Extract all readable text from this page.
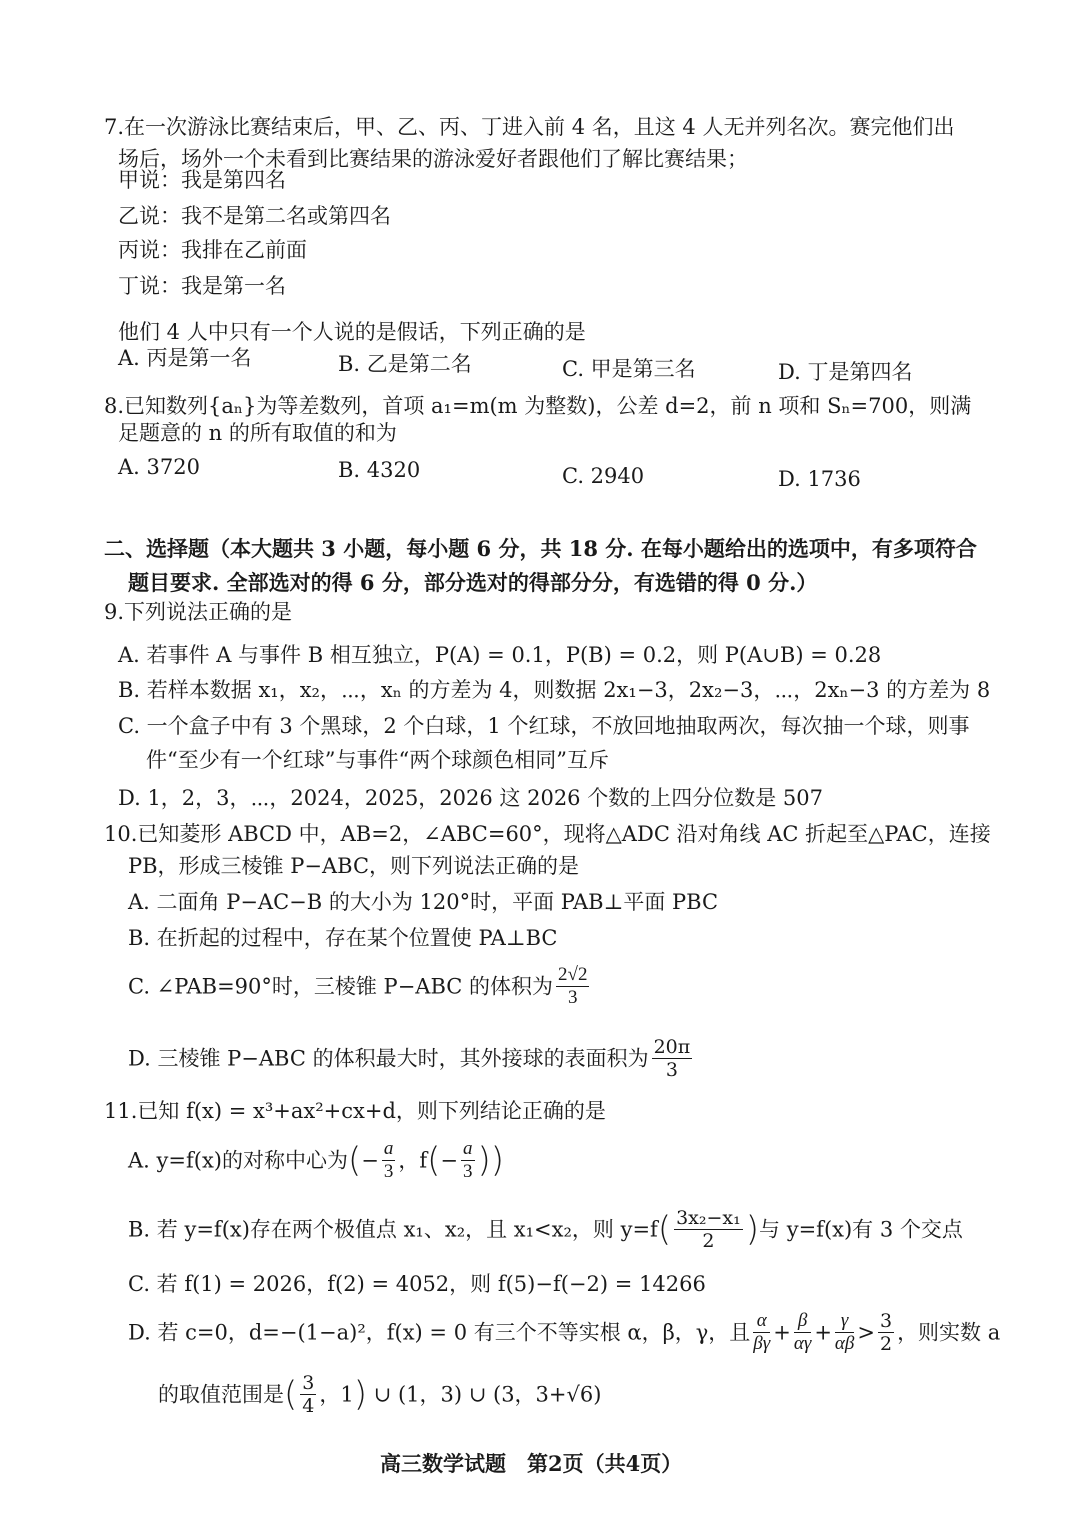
7.在一次游泳比赛结束后，甲、乙、丙、丁进入前 4 名，且这 4 人无并列名次。赛完他们出
场后，场外一个未看到比赛结果的游泳爱好者跟他们了解比赛结果；
甲说：我是第四名
乙说：我不是第二名或第四名
丙说：我排在乙前面
丁说：我是第一名
他们 4 人中只有一个人说的是假话，下列正确的是
A. 丙是第一名	B. 乙是第二名	C. 甲是第三名	D. 丁是第四名
8.已知数列{aₙ}为等差数列，首项 a₁=m(m 为整数)，公差 d=2，前 n 项和 Sₙ=700，则满
足题意的 n 的所有取值的和为
A. 3720	B. 4320	C. 2940	D. 1736
二、选择题（本大题共 3 小题，每小题 6 分，共 18 分. 在每小题给出的选项中，有多项符合
题目要求. 全部选对的得 6 分，部分选对的得部分分，有选错的得 0 分.）
9.下列说法正确的是
A. 若事件 A 与事件 B 相互独立，P(A) = 0.1，P(B) = 0.2，则 P(A∪B) = 0.28
B. 若样本数据 x₁，x₂，⋯，xₙ 的方差为 4，则数据 2x₁−3，2x₂−3，⋯，2xₙ−3 的方差为 8
C. 一个盒子中有 3 个黑球，2 个白球，1 个红球，不放回地抽取两次，每次抽一个球，则事
件“至少有一个红球”与事件“两个球颜色相同”互斥
D. 1，2，3，⋯，2024，2025，2026 这 2026 个数的上四分位数是 507
10.已知菱形 ABCD 中，AB=2，∠ABC=60°，现将△ADC 沿对角线 AC 折起至△PAC，连接
PB，形成三棱锥 P−ABC，则下列说法正确的是
A. 二面角 P−AC−B 的大小为 120°时，平面 PAB⊥平面 PBC
B. 在折起的过程中，存在某个位置使 PA⊥BC
C. ∠PAB=90°时，三棱锥 P−ABC 的体积为 $\frac{2√2}{3}$
D. 三棱锥 P−ABC 的体积最大时，其外接球的表面积为 $\frac{20\pi}{3}$
11.已知 f(x) = x³+ax²+cx+d，则下列结论正确的是
A. y=f(x)的对称中心为(− $\frac{a}{3}$ ，$f(- \frac{a}{3}$ ))
B. 若 y=f(x)存在两个极值点 x₁、x₂，且 x₁<x₂，则 $y=f( \frac{\text{3x₂−x₁}}{2}$ )与 y=f(x)有 3 个交点
C. 若 f(1) = 2026，f(2) = 4052，则 f(5)−f(−2) = 14266
D. 若 c=0，d=−(1−a)²，f(x) = 0 有三个不等实根 α，β，γ，且 $\frac{\alpha}{\beta\gamma} + \frac{\beta}{\alpha\gamma} + \frac{\gamma}{\alpha\beta} > \frac{3}{2}$ ，则实数 a
的取值范围是( $\frac{3}{4}$ ，1) ∪ (1，3) ∪ (3，3+√6)
高三数学试题　第2页（共4页）
